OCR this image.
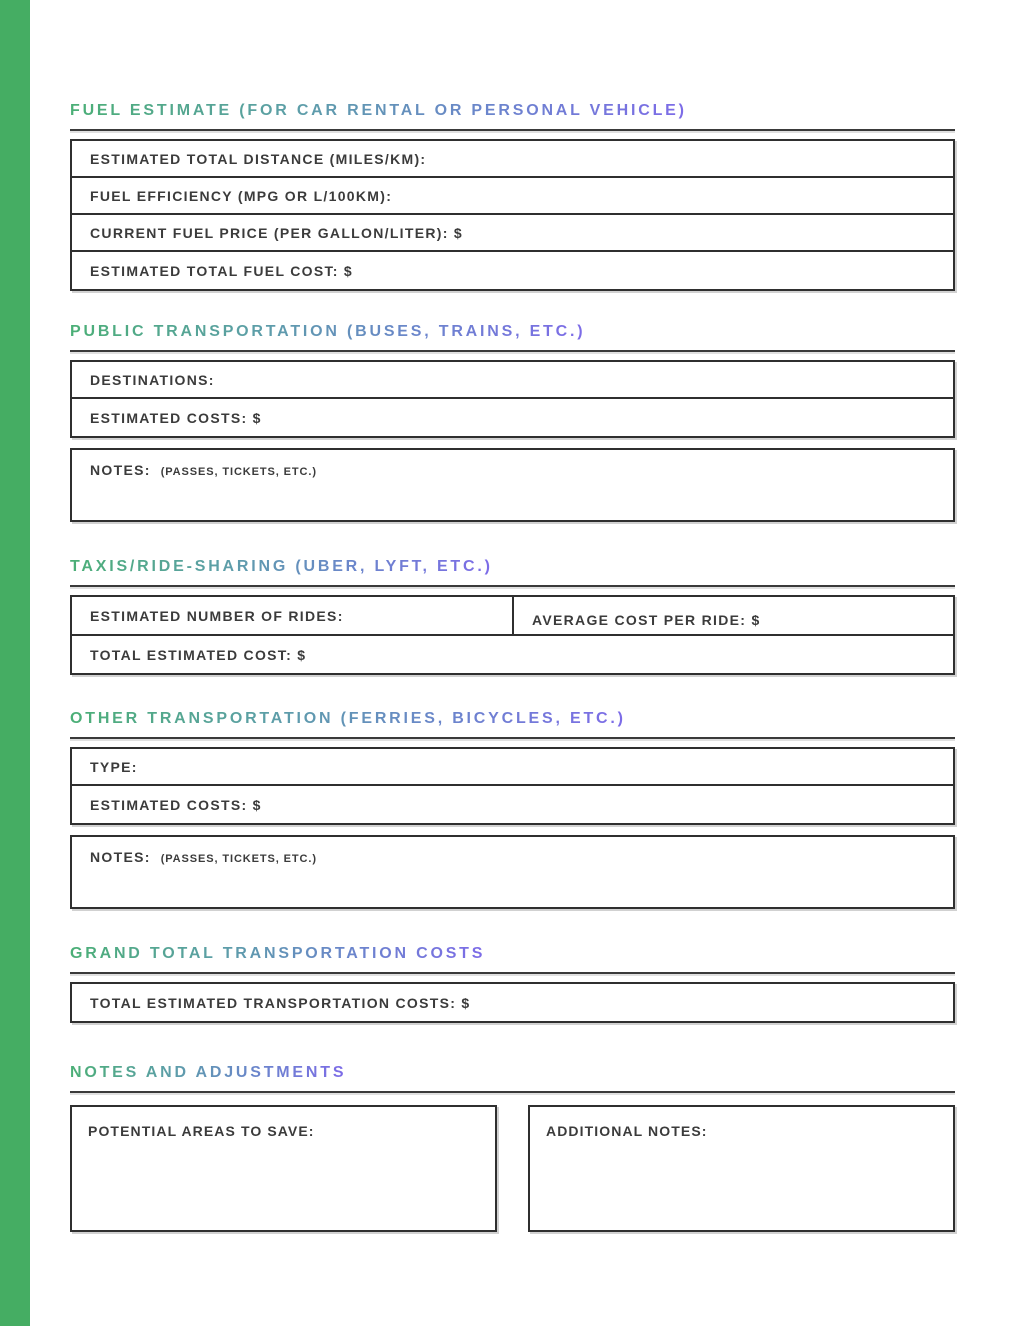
FUEL ESTIMATE (FOR CAR RENTAL OR PERSONAL VEHICLE)
ESTIMATED TOTAL DISTANCE (MILES/KM):
FUEL EFFICIENCY (MPG OR L/100KM):
CURRENT FUEL PRICE (PER GALLON/LITER): $
ESTIMATED TOTAL FUEL COST: $
PUBLIC TRANSPORTATION (BUSES, TRAINS, ETC.)
DESTINATIONS:
ESTIMATED COSTS: $
NOTES: (PASSES, TICKETS, ETC.)
TAXIS/RIDE-SHARING (UBER, LYFT, ETC.)
ESTIMATED NUMBER OF RIDES:	AVERAGE COST PER RIDE: $
TOTAL ESTIMATED COST: $
OTHER TRANSPORTATION (FERRIES, BICYCLES, ETC.)
TYPE:
ESTIMATED COSTS: $
NOTES: (PASSES, TICKETS, ETC.)
GRAND TOTAL TRANSPORTATION COSTS
TOTAL ESTIMATED TRANSPORTATION COSTS: $
NOTES AND ADJUSTMENTS
POTENTIAL AREAS TO SAVE:	ADDITIONAL NOTES:
